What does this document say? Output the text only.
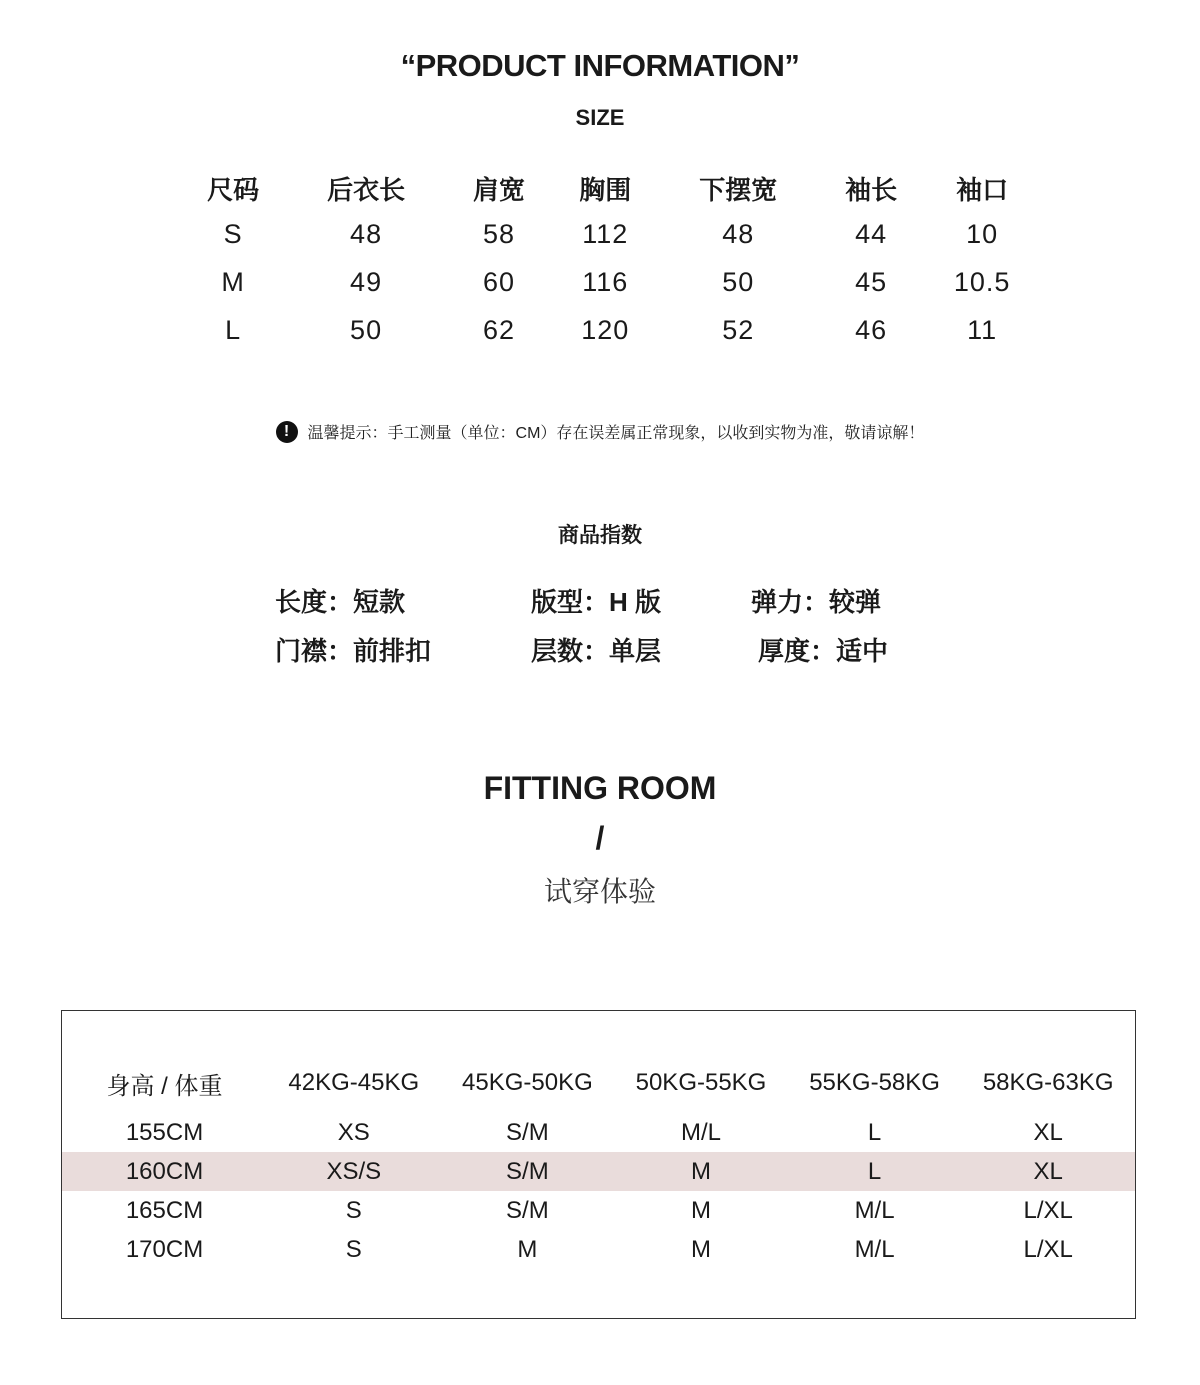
“PRODUCT INFORMATION”
SIZE
尺码	后衣长	肩宽	胸围	下摆宽	袖长	袖口
S	48	58	112	48	44	10
M	49	60	116	50	45	10.5
L	50	62	120	52	46	11
! 温馨提示：手工测量（单位：CM）存在误差属正常现象，以收到实物为准，敬请谅解！
商品指数
长度：短款	版型：H 版	弹力：较弹
门襟：前排扣	层数：单层	厚度：适中
FITTING ROOM
/
试穿体验
身高 / 体重	42KG-45KG	45KG-50KG	50KG-55KG	55KG-58KG	58KG-63KG

155CM	XS	S/M	M/L	L	XL
160CM	XS/S	S/M	M	L	XL
165CM	S	S/M	M	M/L	L/XL
170CM	S	M	M	M/L	L/XL
